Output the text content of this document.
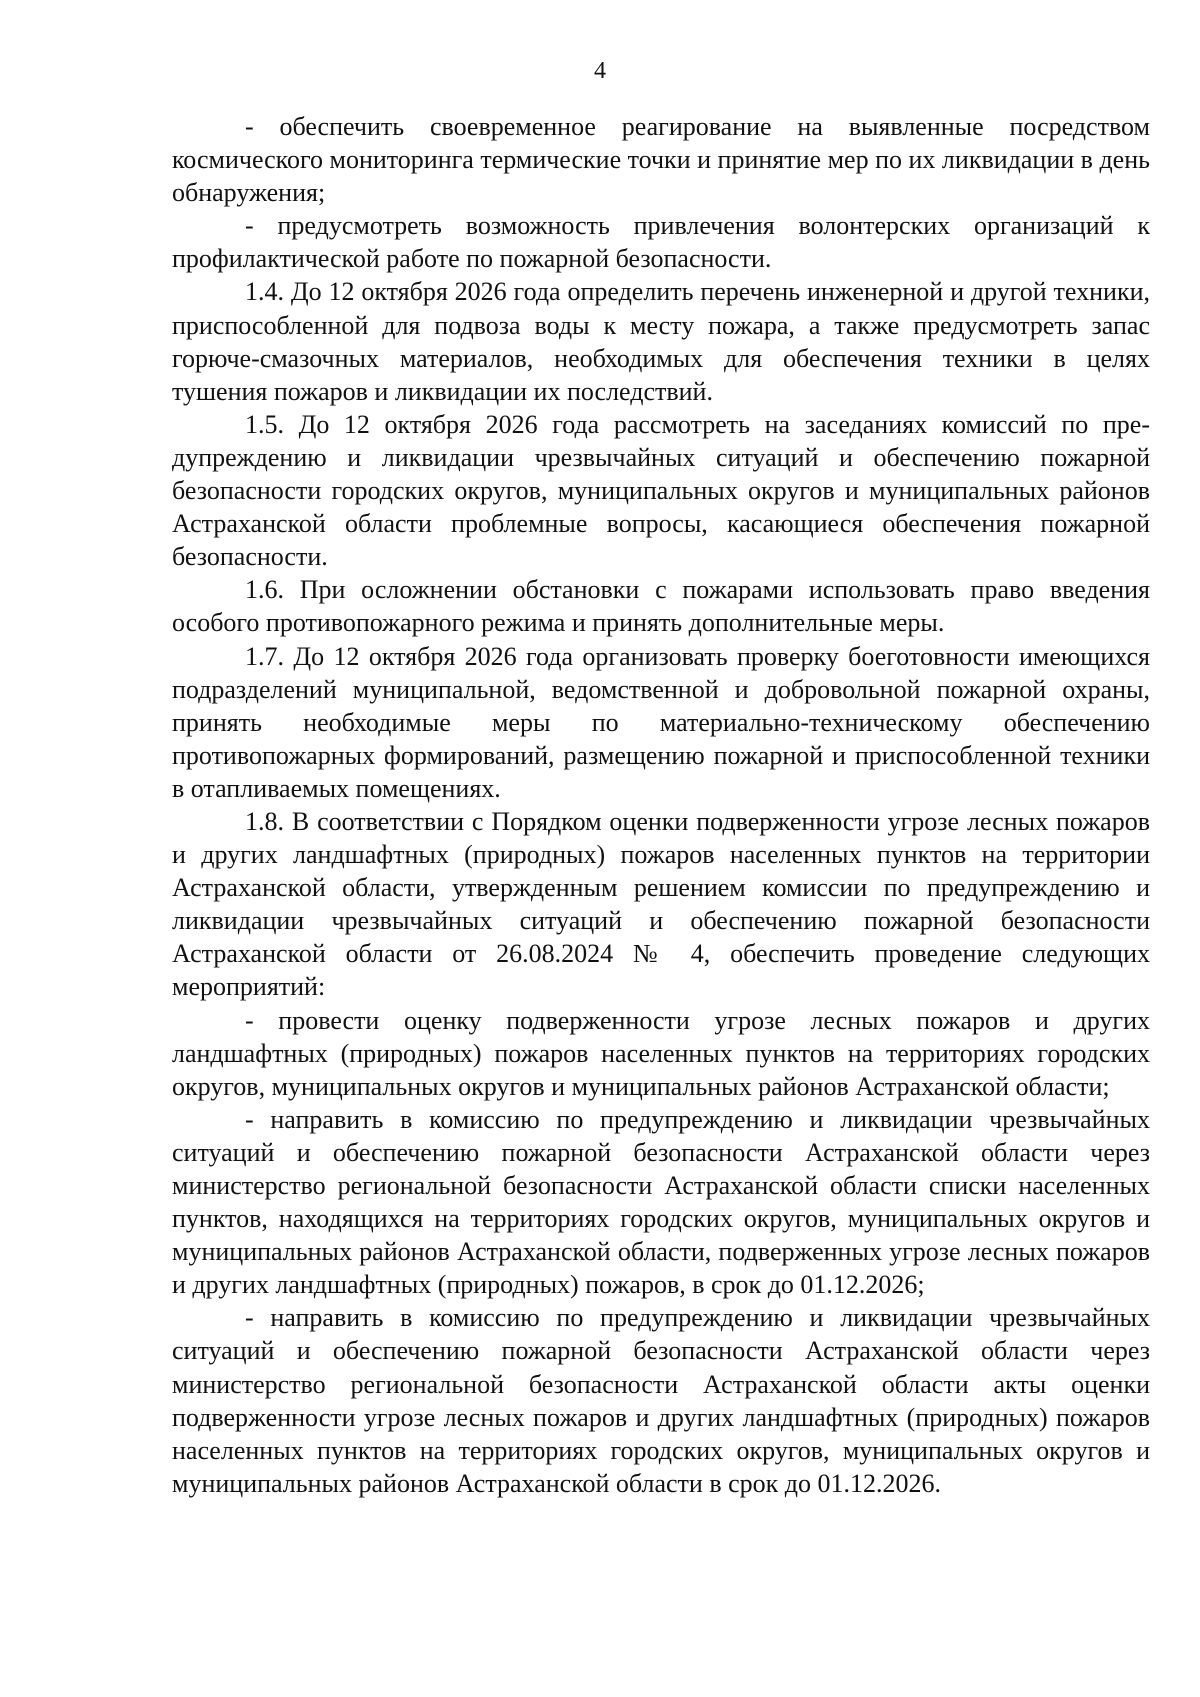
4

- обеспечить своевременное реагирование на выявленные посредством космического мониторинга термические точки и принятие мер по их ликвидации в день обнаружения;

- предусмотреть возможность привлечения волонтерских организаций к профилактической работе по пожарной безопасности.

1.4. До 12 октября 2026 года определить перечень инженерной и другой техники, приспособленной для подвоза воды к месту пожара, а также предусмотреть запас горюче-смазочных материалов, необходимых для обеспечения техники в целях тушения пожаров и ликвидации их последствий.

1.5. До 12 октября 2026 года рассмотреть на заседаниях комиссий по предупреждению и ликвидации чрезвычайных ситуаций и обеспечению пожарной безопасности городских округов, муниципальных округов и муниципальных районов Астраханской области проблемные вопросы, касающиеся обеспечения пожарной безопасности.

1.6. При осложнении обстановки с пожарами использовать право введения особого противопожарного режима и принять дополнительные меры.

1.7. До 12 октября 2026 года организовать проверку боеготовности имеющихся подразделений муниципальной, ведомственной и добровольной пожарной охраны, принять необходимые меры по материально-техническому обеспечению противопожарных формирований, размещению пожарной и приспособленной техники в отапливаемых помещениях.

1.8. В соответствии с Порядком оценки подверженности угрозе лесных пожаров и других ландшафтных (природных) пожаров населенных пунктов на территории Астраханской области, утвержденным решением комиссии по предупреждению и ликвидации чрезвычайных ситуаций и обеспечению пожарной безопасности Астраханской области от 26.08.2024 № 4, обеспечить проведение следующих мероприятий:

- провести оценку подверженности угрозе лесных пожаров и других ландшафтных (природных) пожаров населенных пунктов на территориях городских округов, муниципальных округов и муниципальных районов Астраханской области;

- направить в комиссию по предупреждению и ликвидации чрезвычайных ситуаций и обеспечению пожарной безопасности Астраханской области через министерство региональной безопасности Астраханской области списки населенных пунктов, находящихся на территориях городских округов, муниципальных округов и муниципальных районов Астраханской области, подверженных угрозе лесных пожаров и других ландшафтных (природных) пожаров, в срок до 01.12.2026;

- направить в комиссию по предупреждению и ликвидации чрезвычайных ситуаций и обеспечению пожарной безопасности Астраханской области через министерство региональной безопасности Астраханской области акты оценки подверженности угрозе лесных пожаров и других ландшафтных (природных) пожаров населенных пунктов на территориях городских округов, муниципальных округов и муниципальных районов Астраханской области в срок до 01.12.2026.
